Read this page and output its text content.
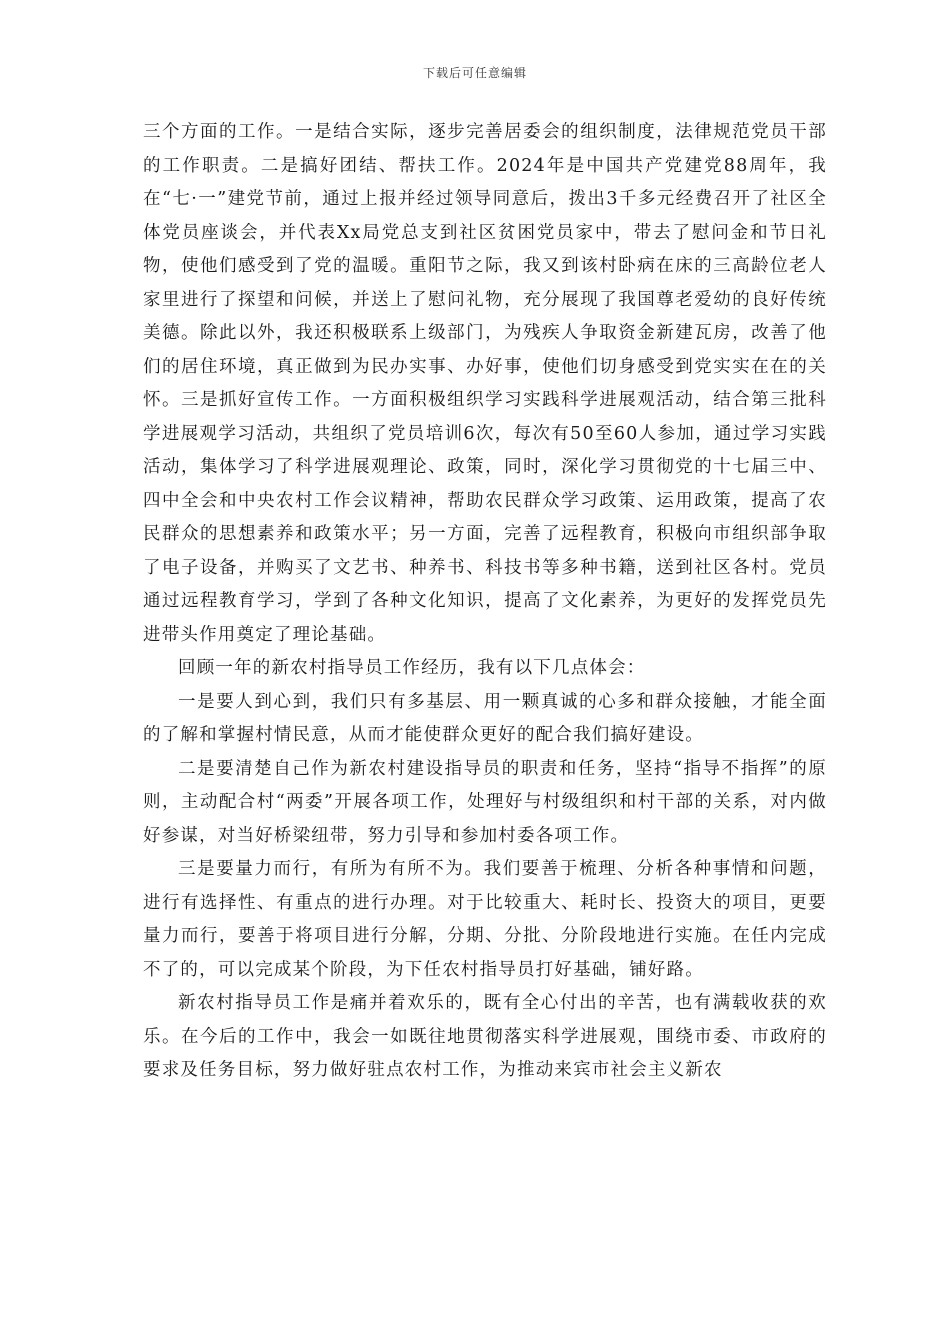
下载后可任意编辑

三个方面的工作。一是结合实际，逐步完善居委会的组织制度，法律规范党员干部的工作职责。二是搞好团结、帮扶工作。2024年是中国共产党建党88周年，我在“七·一”建党节前，通过上报并经过领导同意后，拨出3千多元经费召开了社区全体党员座谈会，并代表Xx局党总支到社区贫困党员家中，带去了慰问金和节日礼物，使他们感受到了党的温暖。重阳节之际，我又到该村卧病在床的三高龄位老人家里进行了探望和问候，并送上了慰问礼物，充分展现了我国尊老爱幼的良好传统美德。除此以外，我还积极联系上级部门，为残疾人争取资金新建瓦房，改善了他们的居住环境，真正做到为民办实事、办好事，使他们切身感受到党实实在在的关怀。三是抓好宣传工作。一方面积极组织学习实践科学进展观活动，结合第三批科学进展观学习活动，共组织了党员培训6次，每次有50至60人参加，通过学习实践活动，集体学习了科学进展观理论、政策，同时，深化学习贯彻党的十七届三中、四中全会和中央农村工作会议精神，帮助农民群众学习政策、运用政策，提高了农民群众的思想素养和政策水平；另一方面，完善了远程教育，积极向市组织部争取了电子设备，并购买了文艺书、种养书、科技书等多种书籍，送到社区各村。党员通过远程教育学习，学到了各种文化知识，提高了文化素养，为更好的发挥党员先进带头作用奠定了理论基础。

回顾一年的新农村指导员工作经历，我有以下几点体会：

一是要人到心到，我们只有多基层、用一颗真诚的心多和群众接触，才能全面的了解和掌握村情民意，从而才能使群众更好的配合我们搞好建设。

二是要清楚自己作为新农村建设指导员的职责和任务，坚持“指导不指挥”的原则，主动配合村“两委”开展各项工作，处理好与村级组织和村干部的关系，对内做好参谋，对当好桥梁纽带，努力引导和参加村委各项工作。

三是要量力而行，有所为有所不为。我们要善于梳理、分析各种事情和问题，进行有选择性、有重点的进行办理。对于比较重大、耗时长、投资大的项目，更要量力而行，要善于将项目进行分解，分期、分批、分阶段地进行实施。在任内完成不了的，可以完成某个阶段，为下任农村指导员打好基础，铺好路。

新农村指导员工作是痛并着欢乐的，既有全心付出的辛苦，也有满载收获的欢乐。在今后的工作中，我会一如既往地贯彻落实科学进展观，围绕市委、市政府的要求及任务目标，努力做好驻点农村工作，为推动来宾市社会主义新农
